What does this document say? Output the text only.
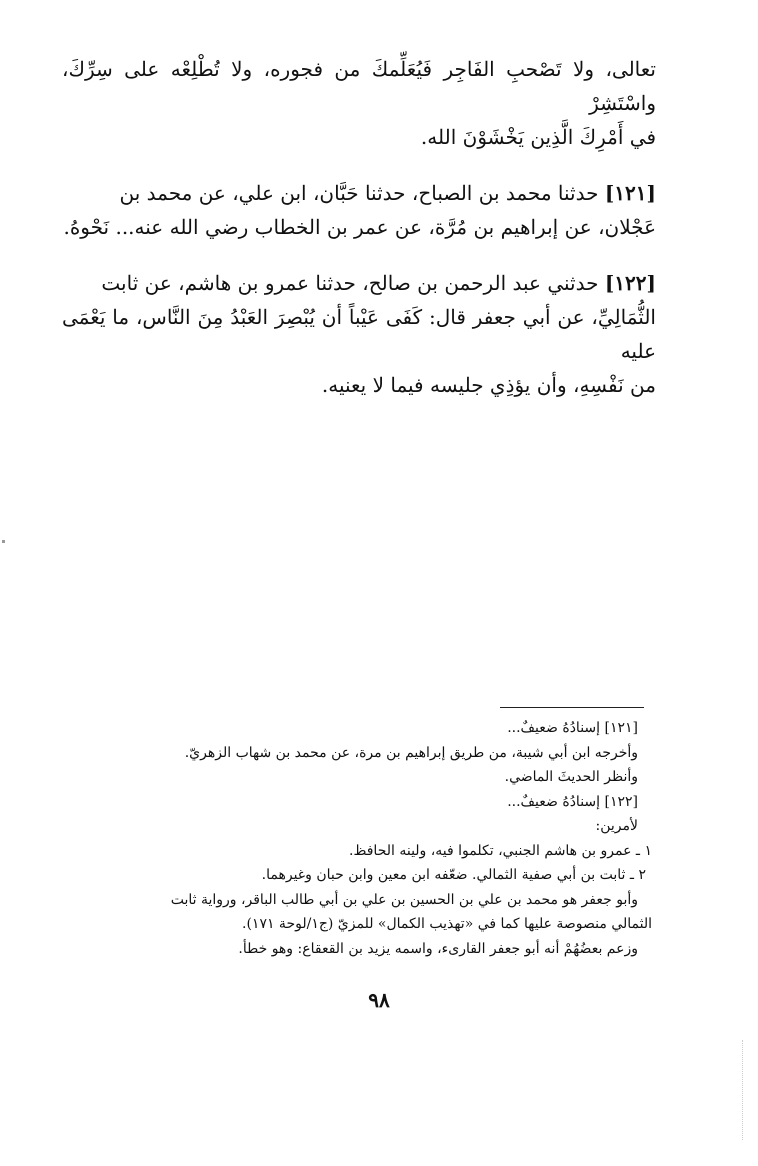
تعالى، ولا تَصْحبِ الفَاجِر فَيُعَلِّمكَ من فجوره، ولا تُطْلِعْه على سِرِّكَ، واسْتَشِرْ
في أَمْرِكَ الَّذِين يَخْشَوْنَ الله.

[١٢١] حدثنا محمد بن الصباح، حدثنا حَبَّان، ابن علي، عن محمد بن
عَجْلان، عن إبراهيم بن مُرَّة، عن عمر بن الخطاب رضي الله عنه... نَحْوهُ.

[١٢٢] حدثني عبد الرحمن بن صالح، حدثنا عمرو بن هاشم، عن ثابت
الثُّمَالِيِّ، عن أبي جعفر قال: كَفَى عَيْباً أن يُبْصِرَ العَبْدُ مِنَ النَّاس، ما يَعْمَى عليه
من نَفْسِهِ، وأن يؤذِي جليسه فيما لا يعنيه.

[١٢١] إسنادُهُ ضعيفٌ...
وأخرجه ابن أبي شيبة، من طريق إبراهيم بن مرة، عن محمد بن شهاب الزهريّ.
وأنظر الحديثَ الماضي.
[١٢٢] إسنادُهُ ضعيفٌ...
لأمرين:
١ ـ عمرو بن هاشم الجنبي، تكلموا فيه، ولينه الحافظ.
٢ ـ ثابت بن أبي صفية الثمالي. ضعّفه ابن معين وابن حبان وغيرهما.
وأبو جعفر هو محمد بن علي بن الحسين بن علي بن أبي طالب الباقر، ورواية ثابت
الثمالي منصوصة عليها كما في «تهذيب الكمال» للمزيّ (ج١/لوحة ١٧١).
وزعم بعضُهُمْ أنه أبو جعفر القارىء، واسمه يزيد بن القعقاع: وهو خطأ.
٩٨
